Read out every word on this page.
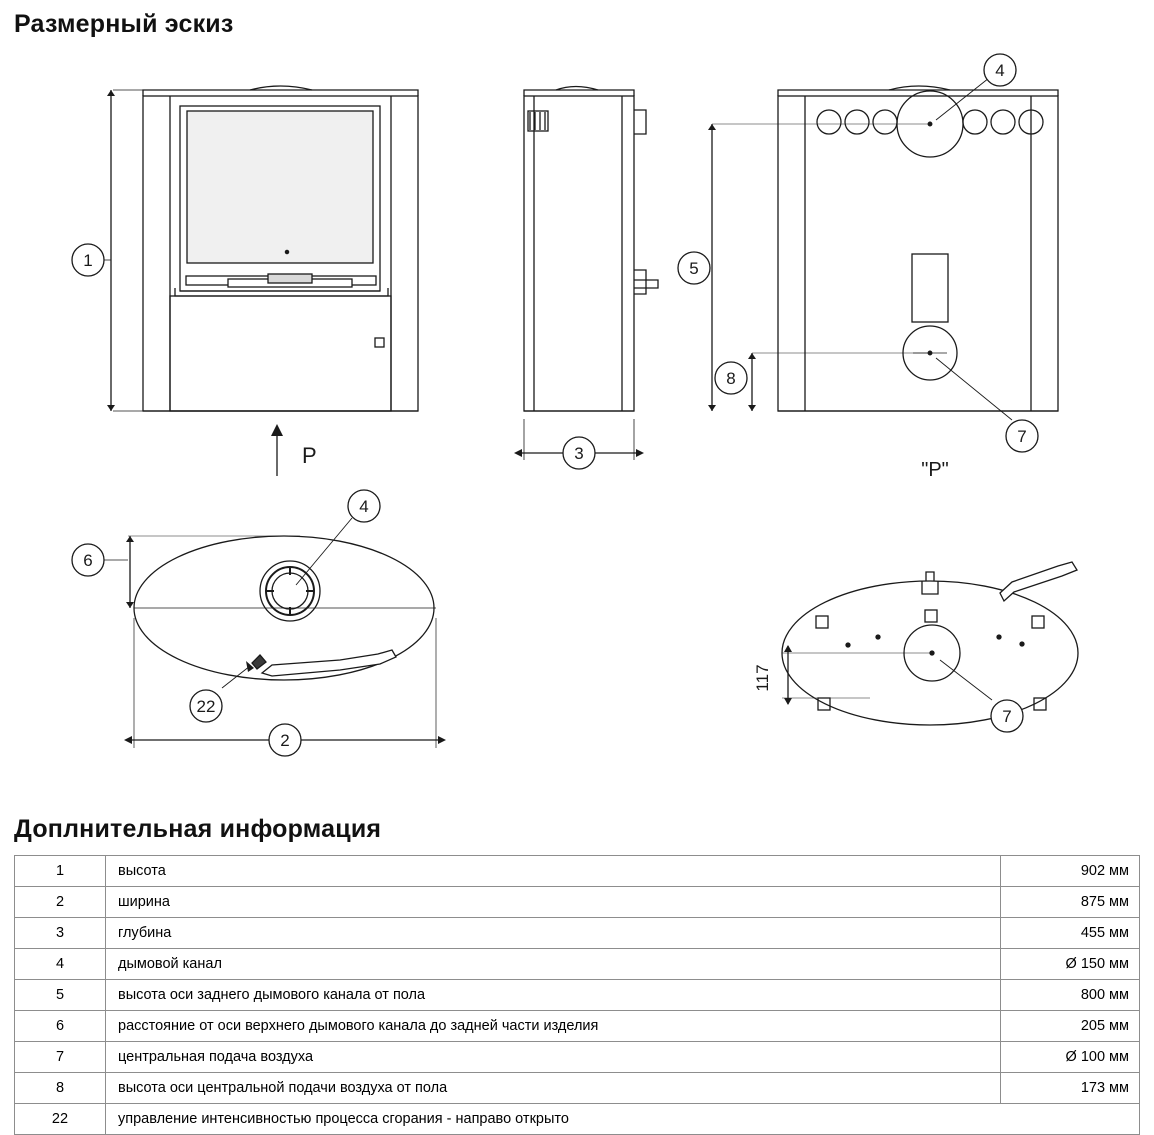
Размерный эскиз
Доплнительная информация
1
P	3
4
5
8
7
"P"
4
6
2
22
117
7
1	высота	902 мм
2	ширина	875 мм
3	глубина	455 мм
4	дымовой канал	Ø 150 мм
5	высота оси заднего дымового канала от пола	800 мм
6	расстояние от оси верхнего дымового канала до задней части изделия	205 мм
7	центральная подача воздуха	Ø 100 мм
8	высота оси центральной подачи воздуха от пола	173 мм
22	управление интенсивностью процесса сгорания - направо открыто	
